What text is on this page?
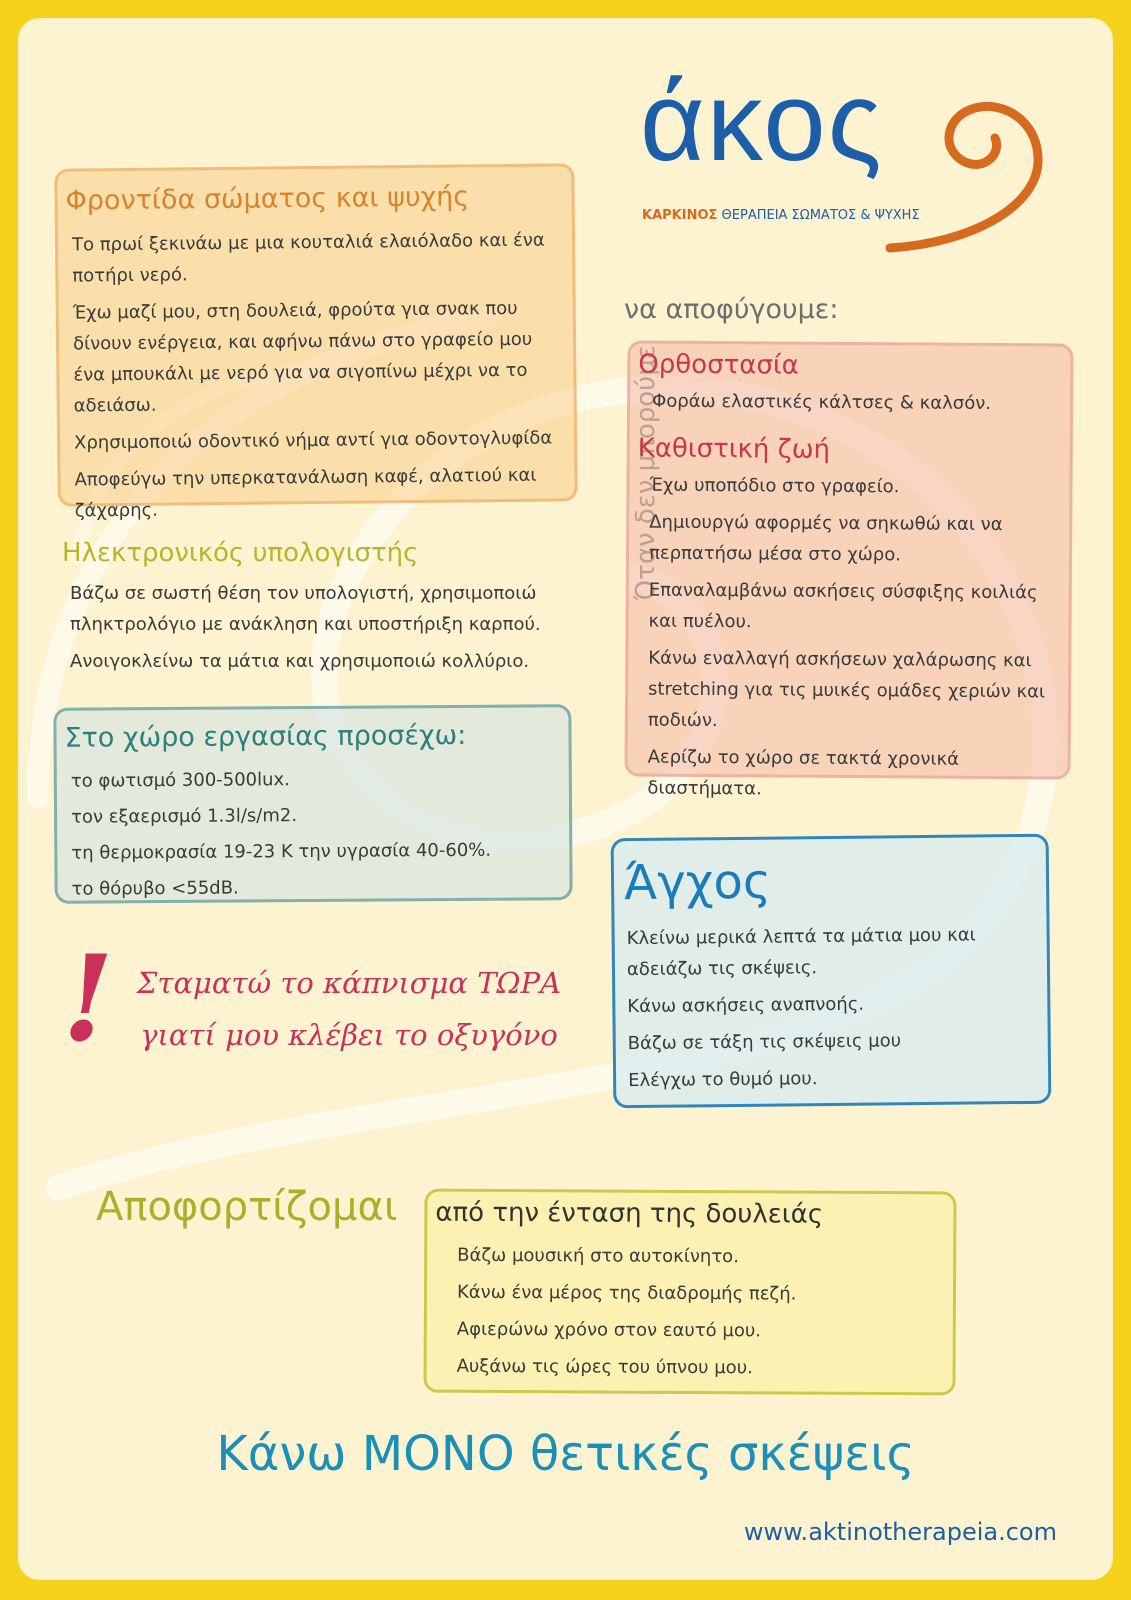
άκος
ΚΑΡΚΙΝΟΣ ΘΕΡΑΠΕΙΑ ΣΩΜΑΤΟΣ & ΨΥΧΗΣ
Φροντίδα σώματος και ψυχής

Το πρωί ξεκινάω με μια κουταλιά ελαιόλαδο και ένα ποτήρι νερό.

Έχω μαζί μου, στη δουλειά, φρούτα για σνακ που δίνουν ενέργεια, και αφήνω πάνω στο γραφείο μου ένα μπουκάλι με νερό για να σιγοπίνω μέχρι να το αδειάσω.

Χρησιμοποιώ οδοντικό νήμα αντί για οδοντογλυφίδα

Αποφεύγω την υπερκατανάλωση καφέ, αλατιού και ζάχαρης.

Ηλεκτρονικός υπολογιστής

Βάζω σε σωστή θέση τον υπολογιστή, χρησιμοποιώ πληκτρολόγιο με ανάκληση και υποστήριξη καρπού.

Ανοιγοκλείνω τα μάτια και χρησιμοποιώ κολλύριο.

Στο χώρο εργασίας προσέχω:

το φωτισμό 300-500lux.

τον εξαερισμό 1.3l/s/m2.

τη θερμοκρασία 19-23 Κ την υγρασία 40-60%.

το θόρυβο <55dB.

! Σταματώ το κάπνισμα ΤΩΡΑ
γιατί μου κλέβει το οξυγόνο
να αποφύγουμε:
Ορθοστασία

Φοράω ελαστικές κάλτσες & καλσόν.

Καθιστική ζωή

Έχω υποπόδιο στο γραφείο.

Δημιουργώ αφορμές να σηκωθώ και να περπατήσω μέσα στο χώρο.

Επαναλαμβάνω ασκήσεις σύσφιξης κοιλιάς και πυέλου.

Κάνω εναλλαγή ασκήσεων χαλάρωσης και stretching για τις μυικές ομάδες χεριών και ποδιών.

Αερίζω το χώρο σε τακτά χρονικά διαστήματα.

Άγχος

Κλείνω μερικά λεπτά τα μάτια μου και αδειάζω τις σκέψεις.

Κάνω ασκήσεις αναπνοής.

Βάζω σε τάξη τις σκέψεις μου

Ελέγχω το θυμό μου.

Αποφορτίζομαι από την ένταση της δουλειάς

Βάζω μουσική στο αυτοκίνητο.

Κάνω ένα μέρος της διαδρομής πεζή.

Αφιερώνω χρόνο στον εαυτό μου.

Αυξάνω τις ώρες του ύπνου μου.

Κάνω ΜΟΝΟ θετικές σκέψεις
www.aktinotherapeia.com
